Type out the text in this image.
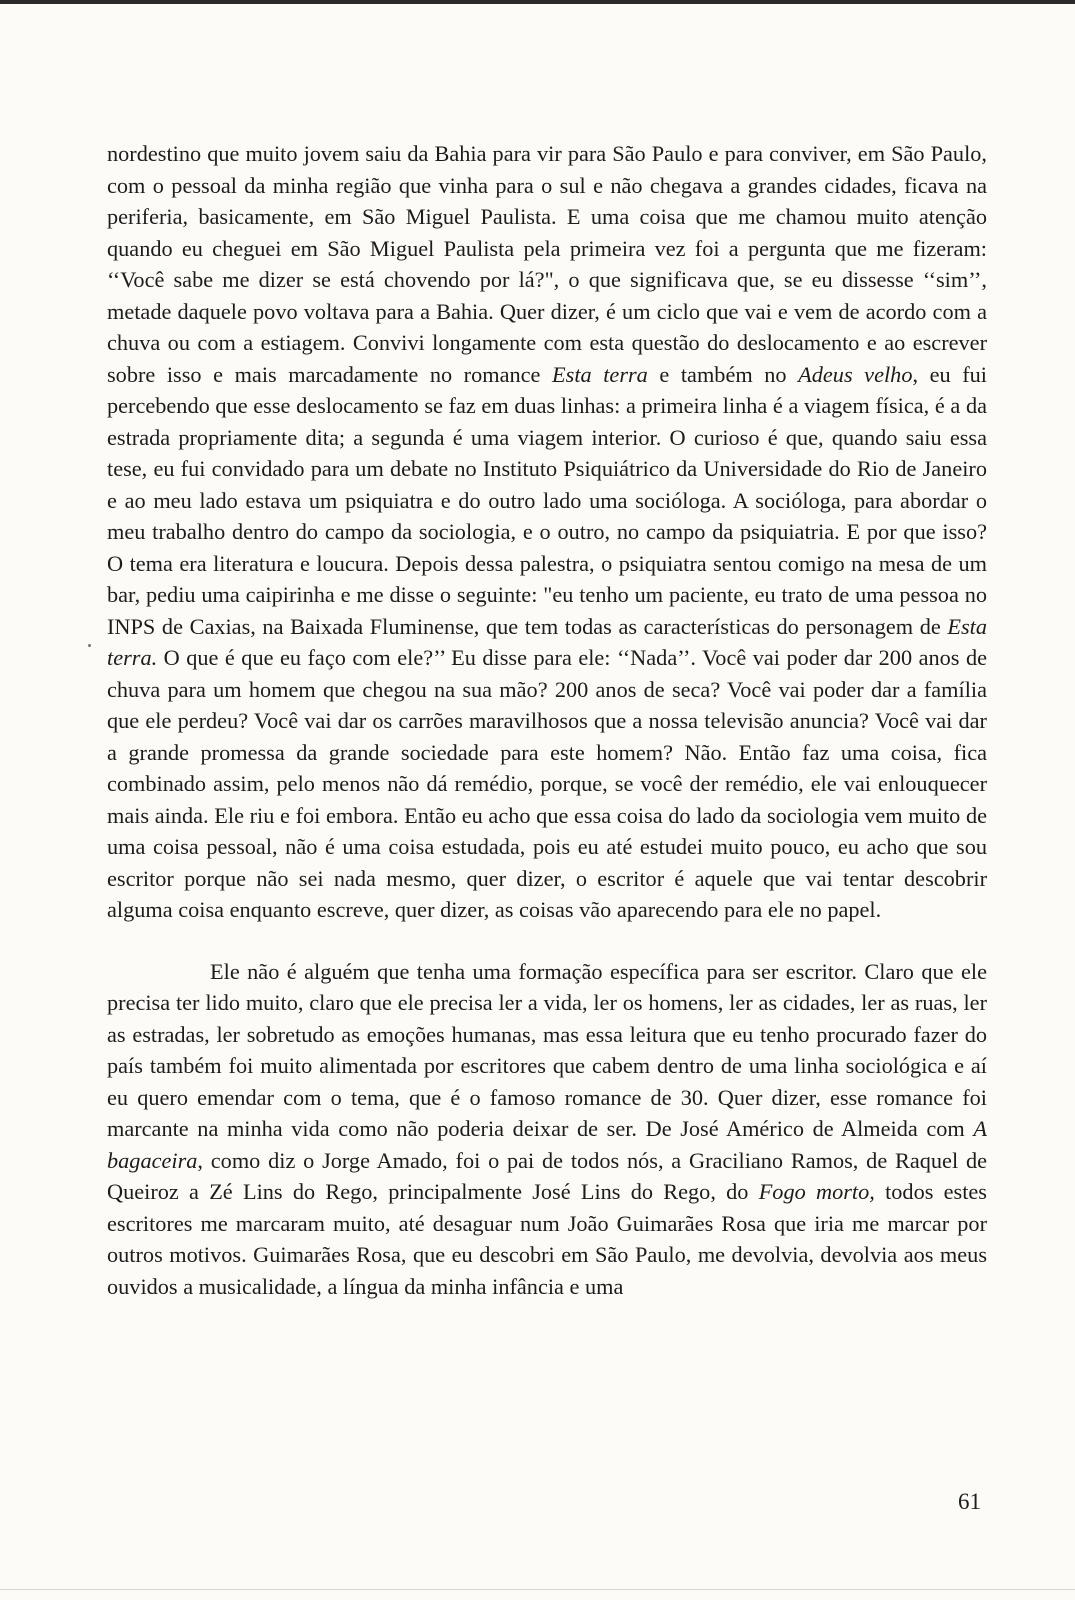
nordestino que muito jovem saiu da Bahia para vir para São Paulo e para conviver, em São Paulo, com o pessoal da minha região que vinha para o sul e não chegava a grandes cidades, ficava na periferia, basicamente, em São Miguel Paulista. E uma coisa que me chamou muito atenção quando eu cheguei em São Miguel Paulista pela primeira vez foi a pergunta que me fizeram: ‘‘Você sabe me dizer se está chovendo por lá?", o que significava que, se eu dissesse ‘‘sim’’, metade daquele povo voltava para a Bahia. Quer dizer, é um ciclo que vai e vem de acordo com a chuva ou com a estiagem. Convivi longamente com esta questão do deslocamento e ao escrever sobre isso e mais marcadamente no romance Esta terra e também no Adeus velho, eu fui percebendo que esse deslocamento se faz em duas linhas: a primeira linha é a viagem física, é a da estrada propriamente dita; a segunda é uma viagem interior. O curioso é que, quando saiu essa tese, eu fui convidado para um debate no Instituto Psiquiátrico da Universidade do Rio de Janeiro e ao meu lado estava um psiquiatra e do outro lado uma socióloga. A socióloga, para abordar o meu trabalho dentro do campo da sociologia, e o outro, no campo da psiquiatria. E por que isso? O tema era literatura e loucura. Depois dessa palestra, o psiquiatra sentou comigo na mesa de um bar, pediu uma caipirinha e me disse o seguinte: "eu tenho um paciente, eu trato de uma pessoa no INPS de Caxias, na Baixada Fluminense, que tem todas as características do personagem de Esta terra. O que é que eu faço com ele?’’ Eu disse para ele: ‘‘Nada’’. Você vai poder dar 200 anos de chuva para um homem que chegou na sua mão? 200 anos de seca? Você vai poder dar a família que ele perdeu? Você vai dar os carrões maravilhosos que a nossa televisão anuncia? Você vai dar a grande promessa da grande sociedade para este homem? Não. Então faz uma coisa, fica combinado assim, pelo menos não dá remédio, porque, se você der remédio, ele vai enlouquecer mais ainda. Ele riu e foi embora. Então eu acho que essa coisa do lado da sociologia vem muito de uma coisa pessoal, não é uma coisa estudada, pois eu até estudei muito pouco, eu acho que sou escritor porque não sei nada mesmo, quer dizer, o escritor é aquele que vai tentar descobrir alguma coisa enquanto escreve, quer dizer, as coisas vão aparecendo para ele no papel.

Ele não é alguém que tenha uma formação específica para ser escritor. Claro que ele precisa ter lido muito, claro que ele precisa ler a vida, ler os homens, ler as cidades, ler as ruas, ler as estradas, ler sobretudo as emoções humanas, mas essa leitura que eu tenho procurado fazer do país também foi muito alimentada por escritores que cabem dentro de uma linha sociológica e aí eu quero emendar com o tema, que é o famoso romance de 30. Quer dizer, esse romance foi marcante na minha vida como não poderia deixar de ser. De José Américo de Almeida com A bagaceira, como diz o Jorge Amado, foi o pai de todos nós, a Graciliano Ramos, de Raquel de Queiroz a Zé Lins do Rego, principalmente José Lins do Rego, do Fogo morto, todos estes escritores me marcaram muito, até desaguar num João Guimarães Rosa que iria me marcar por outros motivos. Guimarães Rosa, que eu descobri em São Paulo, me devolvia, devolvia aos meus ouvidos a musicalidade, a língua da minha infância e uma

61
